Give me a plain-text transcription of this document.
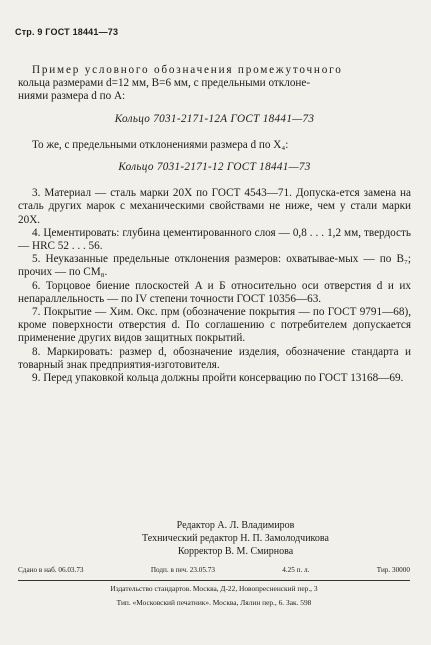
Стр. 9 ГОСТ 18441—73

Пример условного обозначения промежуточного

кольца размерами d=12 мм, B=6 мм, с предельными отклоне-

ниями размера d по A:

Кольцо 7031-2171-12А ГОСТ 18441—73

То же, с предельными отклонениями размера d по X₄:

Кольцо 7031-2171-12 ГОСТ 18441—73

3. Материал — сталь марки 20Х по ГОСТ 4543—71. Допуска-ется замена на сталь других марок с механическими свойствами не ниже, чем у стали марки 20Х.

4. Цементировать: глубина цементированного слоя — 0,8 . . . 1,2 мм, твердость — HRC 52 . . . 56.

5. Неуказанные предельные отклонения размеров: охватывае-мых — по B₇; прочих — по CM₈.

6. Торцовое биение плоскостей A и Б относительно оси отверстия d и их непараллельность — по IV степени точности ГОСТ 10356—63.

7. Покрытие — Хим. Окс. прм (обозначение покрытия — по ГОСТ 9791—68), кроме поверхности отверстия d. По соглашению с потребителем допускается применение других видов защитных покрытий.

8. Маркировать: размер d, обозначение изделия, обозначение стандарта и товарный знак предприятия-изготовителя.

9. Перед упаковкой кольца должны пройти консервацию по ГОСТ 13168—69.

Редактор А. Л. Владимиров
Технический редактор Н. П. Замолодчикова
Корректор В. М. Смирнова
Сдано в наб. 06.03.73	Подп. в печ. 23.05.73	4.25 п. л.	Тир. 30000
Издательство стандартов. Москва, Д-22, Новопресненский пер., 3
Тип. «Московский печатник». Москва, Лялин пер., 6. Зак. 598
